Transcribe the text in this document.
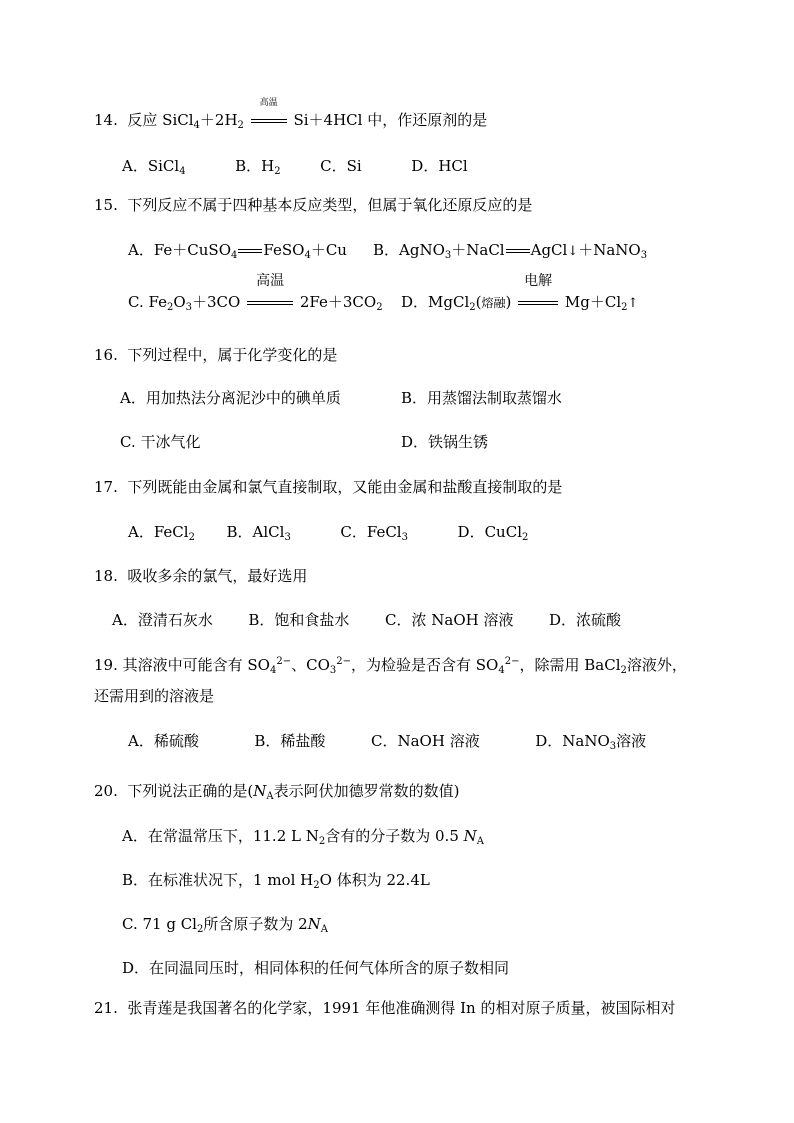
14. 反应 $SiCl_4+2H_2$
高温
Si＋4HCl 中，作还原剂的是
A．SiCl$_4$	B．$H_2$	C．Si	D．HCl
15. 下列反应不属于四种基本反应类型，但属于氧化还原反应的是
A．Fe＋CuSO$_4$ FeSO$_4$＋Cu B．AgNO$_3$＋NaCl AgCl↓＋NaNO$_3$
C. $Fe_2O_3+3CO$
高温
$2Fe+3CO_2$ D．MgCl$_2$(熔融)
电解
$Mg+Cl_2↑$
16. 下列过程中，属于化学变化的是
A．用加热法分离泥沙中的碘单质	B．用蒸馏法制取蒸馏水
C. 干冰气化	D．铁锅生锈
17. 下列既能由金属和氯气直接制取，又能由金属和盐酸直接制取的是
A．FeCl$_2$ B．AlCl$_3$	C．FeCl$_3$	D．CuCl$_2$
18. 吸收多余的氯气，最好选用
A．澄清石灰水 B．饱和食盐水 C．浓 NaOH 溶液 D．浓硫酸
19. 其溶液中可能含有 $SO_4^{2-}$、$CO_3^{2-}$，为检验是否含有 $SO_4^{2-}$，除需用 BaCl$_2$溶液外，
还需用到的溶液是
A．稀硫酸	B．稀盐酸	C．NaOH 溶液	D．NaNO$_3$溶液
20. 下列说法正确的是($N_A$表示阿伏加德罗常数的数值)
A．在常温常压下，11.2 L $N_2$含有的分子数为 0.5 $N_A$
B．在标准状况下，1 mol $H_2O$ 体积为 22.4L
C. 71 g $Cl_2$所含原子数为 $2N_A$
D．在同温同压时，相同体积的任何气体所含的原子数相同
21. 张青莲是我国著名的化学家，1991 年他准确测得 In 的相对原子质量，被国际相对
